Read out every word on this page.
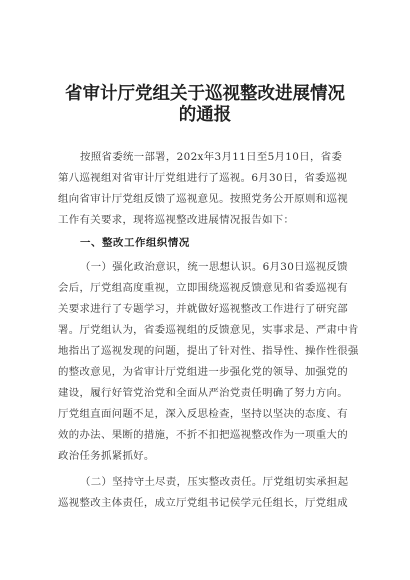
省审计厅党组关于巡视整改进展情况
的通报
按照省委统一部署，202x年3月11日至5月10日，省委
第八巡视组对省审计厅党组进行了巡视。6月30日，省委巡视
组向省审计厅党组反馈了巡视意见。按照党务公开原则和巡视
工作有关要求，现将巡视整改进展情况报告如下：
一、整改工作组织情况
（一）强化政治意识，统一思想认识。6月30日巡视反馈
会后，厅党组高度重视，立即围绕巡视反馈意见和省委巡视有
关要求进行了专题学习，并就做好巡视整改工作进行了研究部
署。厅党组认为，省委巡视组的反馈意见，实事求是、严肃中肯
地指出了巡视发现的问题，提出了针对性、指导性、操作性很强
的整改意见，为省审计厅党组进一步强化党的领导、加强党的
建设，履行好管党治党和全面从严治党责任明确了努力方向。
厅党组直面问题不足，深入反思检查，坚持以坚决的态度、有
效的办法、果断的措施，不折不扣把巡视整改作为一项重大的
政治任务抓紧抓好。
（二）坚持守土尽责，压实整改责任。厅党组切实承担起
巡视整改主体责任，成立厅党组书记侯学元任组长，厅党组成
